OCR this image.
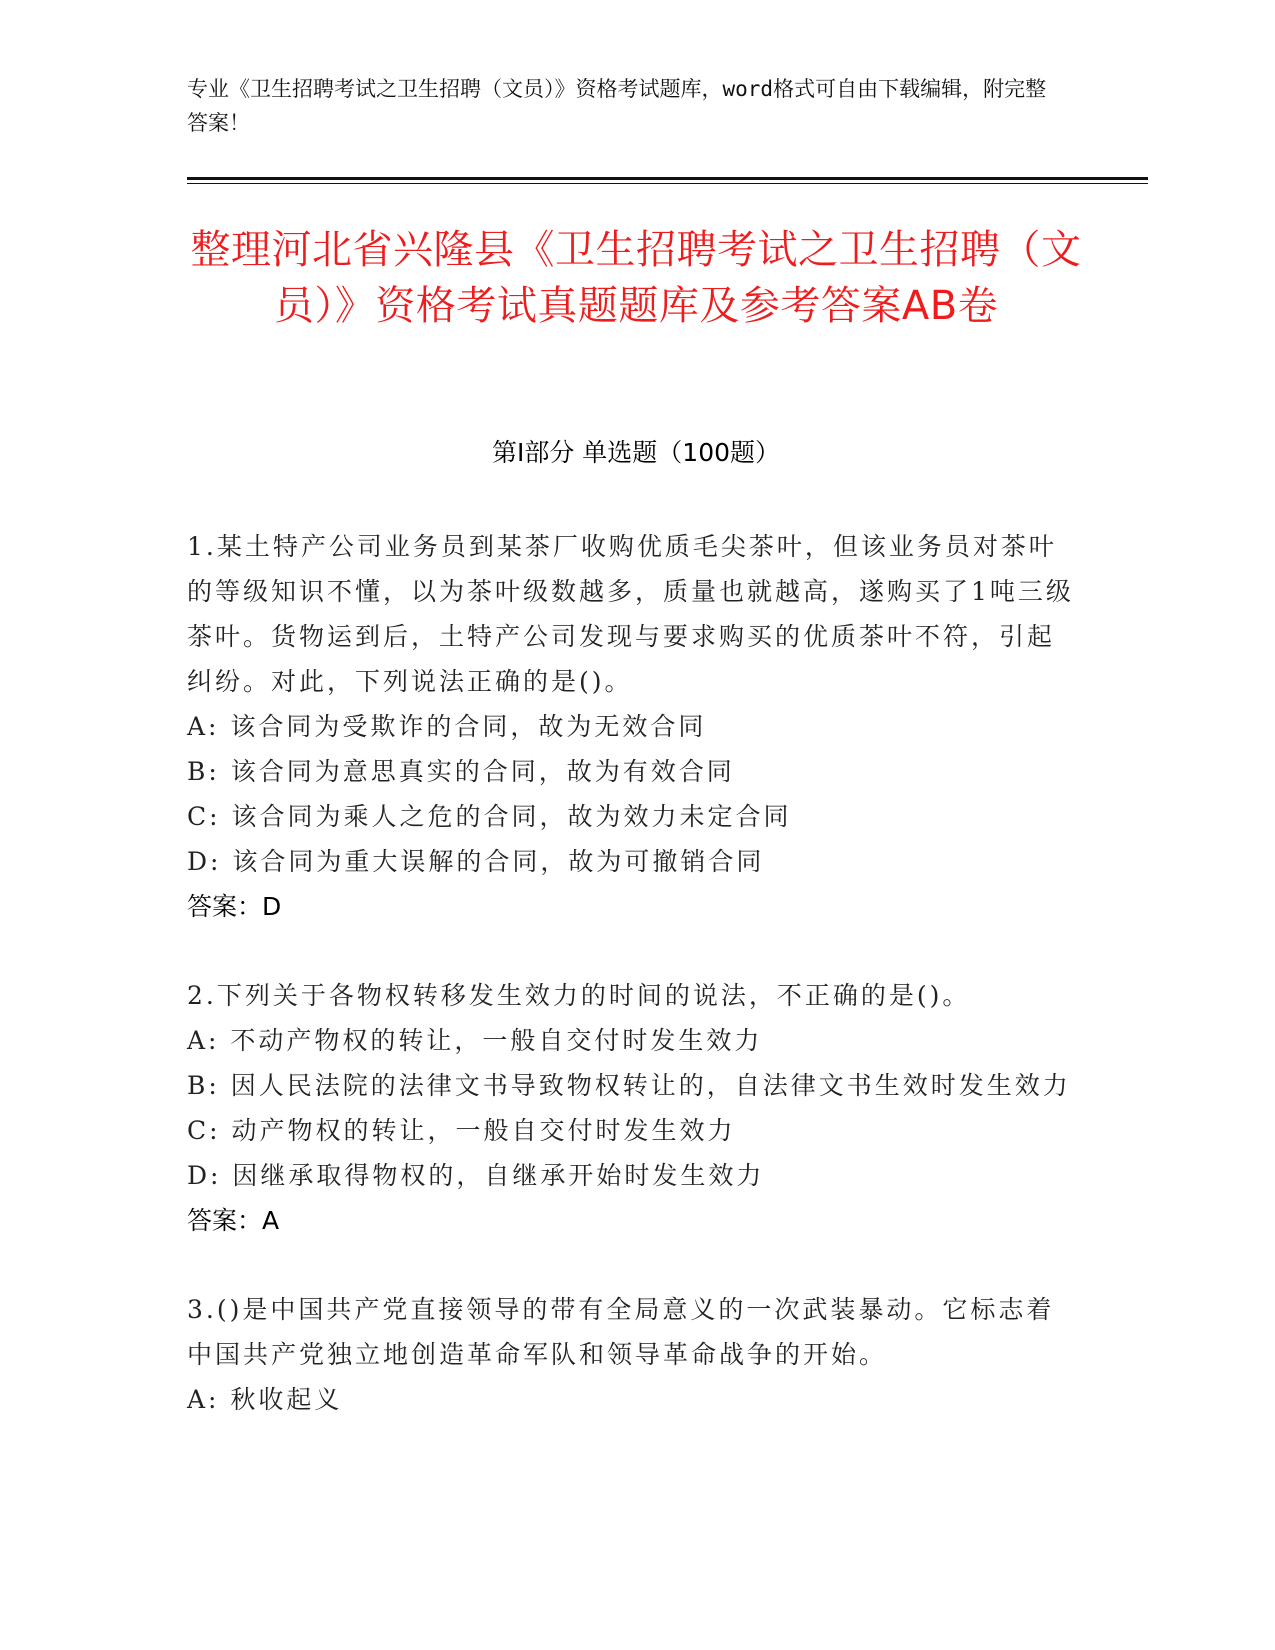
专业《卫生招聘考试之卫生招聘（文员）》资格考试题库，word格式可自由下载编辑，附完整答案！
整理河北省兴隆县《卫生招聘考试之卫生招聘（文员）》资格考试真题题库及参考答案AB卷
第I部分 单选题（100题）
1.某土特产公司业务员到某茶厂收购优质毛尖茶叶，但该业务员对茶叶的等级知识不懂，以为茶叶级数越多，质量也就越高，遂购买了1吨三级茶叶。货物运到后，土特产公司发现与要求购买的优质茶叶不符，引起纠纷。对此，下列说法正确的是()。
A: 该合同为受欺诈的合同，故为无效合同
B: 该合同为意思真实的合同，故为有效合同
C: 该合同为乘人之危的合同，故为效力未定合同
D: 该合同为重大误解的合同，故为可撤销合同
答案：D
2.下列关于各物权转移发生效力的时间的说法，不正确的是()。
A: 不动产物权的转让，一般自交付时发生效力
B: 因人民法院的法律文书导致物权转让的，自法律文书生效时发生效力
C: 动产物权的转让，一般自交付时发生效力
D: 因继承取得物权的，自继承开始时发生效力
答案：A
3.()是中国共产党直接领导的带有全局意义的一次武装暴动。它标志着中国共产党独立地创造革命军队和领导革命战争的开始。
A: 秋收起义
